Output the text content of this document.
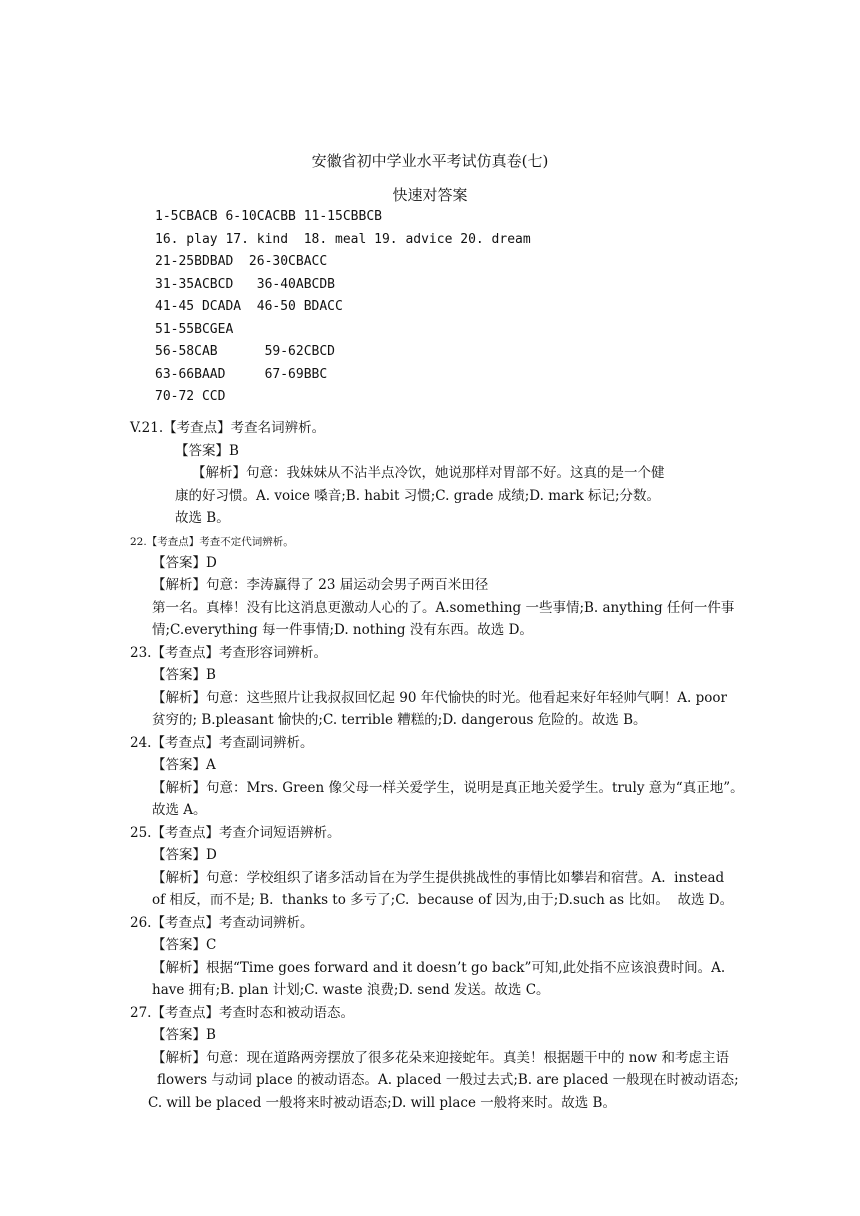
安徽省初中学业水平考试仿真卷(七)
快速对答案
1-5CBACB 6-10CACBB 11-15CBBCB
16. play 17. kind  18. meal 19. advice 20. dream
21-25BDBAD  26-30CBACC
31-35ACBCD   36-40ABCDB
41-45 DCADA  46-50 BDACC
51-55BCGEA
56-58CAB      59-62CBCD
63-66BAAD     67-69BBC
70-72 CCD
V.21.【考查点】考查名词辨析。
【答案】B
【解析】句意：我妹妹从不沾半点冷饮，她说那样对胃部不好。这真的是一个健
康的好习惯。A. voice 嗓音;B. habit 习惯;C. grade 成绩;D. mark 标记;分数。
故选 B。
22.【考查点】考查不定代词辨析。
【答案】D
【解析】句意：李涛赢得了 23 届运动会男子两百米田径
第一名。真棒！没有比这消息更激动人心的了。A.something 一些事情;B. anything 任何一件事
情;C.everything 每一件事情;D. nothing 没有东西。故选 D。
23.【考查点】考查形容词辨析。
【答案】B
【解析】句意：这些照片让我叔叔回忆起 90 年代愉快的时光。他看起来好年轻帅气啊！A. poor
贫穷的; B.pleasant 愉快的;C. terrible 糟糕的;D. dangerous 危险的。故选 B。
24.【考查点】考查副词辨析。
【答案】A
【解析】句意：Mrs. Green 像父母一样关爱学生，说明是真正地关爱学生。truly 意为“真正地”。
故选 A。
25.【考查点】考查介词短语辨析。
【答案】D
【解析】句意：学校组织了诸多活动旨在为学生提供挑战性的事情比如攀岩和宿营。A.  instead
of 相反，而不是; B.  thanks to 多亏了;C.  because of 因为,由于;D.such as 比如。  故选 D。
26.【考查点】考查动词辨析。
【答案】C
【解析】根据“Time goes forward and it doesn’t go back”可知,此处指不应该浪费时间。A.
have 拥有;B. plan 计划;C. waste 浪费;D. send 发送。故选 C。
27.【考查点】考查时态和被动语态。
【答案】B
【解析】句意：现在道路两旁摆放了很多花朵来迎接蛇年。真美！根据题干中的 now 和考虑主语
flowers 与动词 place 的被动语态。A. placed 一般过去式;B. are placed 一般现在时被动语态;
C. will be placed 一般将来时被动语态;D. will place 一般将来时。故选 B。
